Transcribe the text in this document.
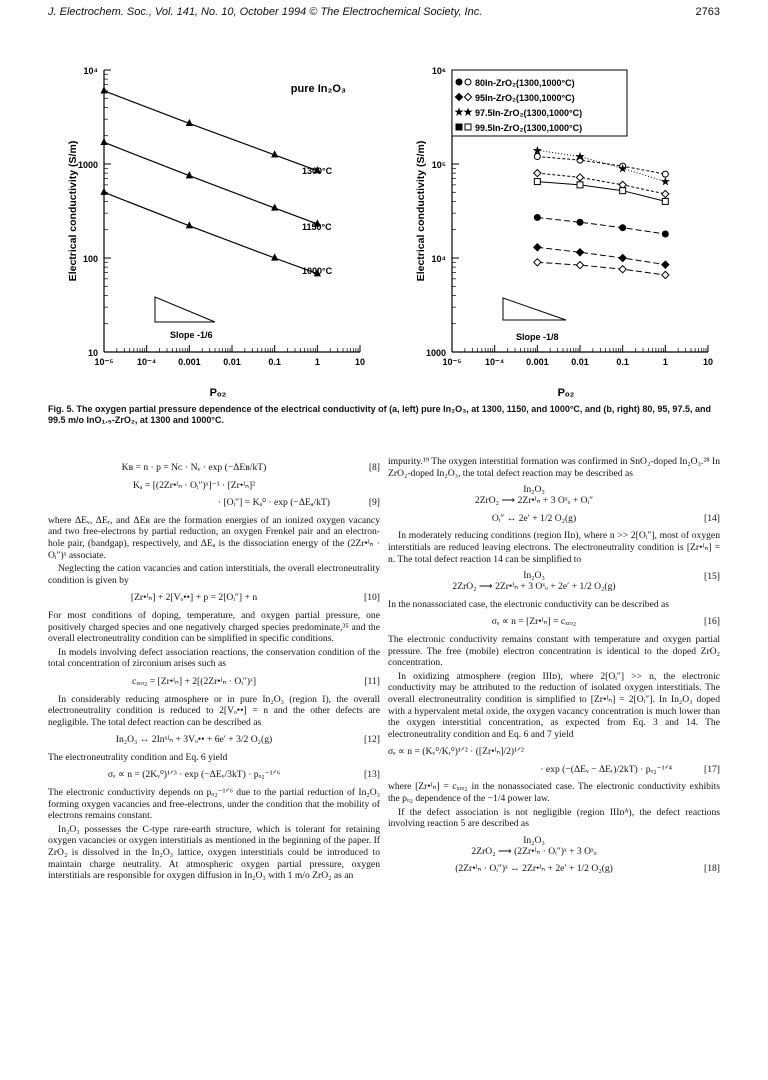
J. Electrochem. Soc., Vol. 141, No. 10, October 1994 © The Electrochemical Society, Inc.	2763
10
100
1000
10⁴
10⁻⁵	10⁻⁴ 0.001	0.01	0.1	1	10
Pₒ₂
Electrical conductivity (S/m)
pure In₂O₃
1300°C
1150°C
1000°C
Slope -1/6
1000
10⁴
10⁵
10⁶
10⁻⁵	10⁻⁴ 0.001	0.01	0.1	1	10
Pₒ₂
Electrical conductivity (S/m)
80In-ZrO₂(1300,1000°C)
95In-ZrO₂(1300,1000°C)
★
★ 97.5In-ZrO₂(1300,1000°C)
99.5In-ZrO₂(1300,1000°C)
★	★
★
★
Slope -1/8
Fig. 5. The oxygen partial pressure dependence of the electrical conductivity of (a, left) pure In₂O₃, at 1300, 1150, and 1000°C, and (b, right) 80, 95, 97.5, and 99.5 m/o InO₁.₅-ZrO₂, at 1300 and 1000°C.
Kʙ = n · p = Nᴄ · Nᵥ · exp (−ΔEʙ/kT)	[8]
Kₐ = [(2Zr•ᴵₙ · Oᵢ″)ˣ]⁻¹ · [Zr•ᴵₙ]²
· [Oᵢ″] = Kₐ⁰ · exp (−ΔEₐ/kT)	[9]

where ΔEᵥ, ΔEᵣ, and ΔEʙ are the formation energies of an ionized oxygen vacancy and two free-electrons by partial reduction, an oxygen Frenkel pair and an electron-hole pair, (bandgap), respectively, and ΔEₐ is the dissociation energy of the (2Zr•ᴵₙ · Oᵢ″)ˣ associate.

Neglecting the cation vacancies and cation interstitials, the overall electroneutrality condition is given by

[Zr•ᴵₙ] + 2[Vₒ••] + p = 2[Oᵢ″] + n	[10]

For most conditions of doping, temperature, and oxygen partial pressure, one positively charged species and one negatively charged species predominate,³⁵ and the overall electroneutrality condition can be simplified in specific conditions.

In models involving defect association reactions, the conservation condition of the total concentration of zirconium arises such as

cₓᵣₒ₂ = [Zr•ᴵₙ] + 2[(2Zr•ᴵₙ · Oᵢ″)ˣ]	[11]

In considerably reducing atmosphere or in pure In₂O₃ (region I), the overall electroneutrality condition is reduced to 2[Vₒ••] = n and the other defects are negligible. The total defect reaction can be described as

In₂O₃ ↔ 2Inˣᴵₙ + 3Vₒ•• + 6e′ + 3/2 O₂(g)	[12]

The electroneutrality condition and Eq. 6 yield

σₑ ∝ n = (2Kᵥ⁰)¹ᐟ³ · exp (−ΔEᵥ/3kT) · pₒ₂⁻¹ᐟ⁶	[13]

The electronic conductivity depends on pₒ₂⁻¹ᐟ⁶ due to the partial reduction of In₂O₃ forming oxygen vacancies and free-electrons, under the condition that the mobility of electrons remains constant.

In₂O₃ possesses the C-type rare-earth structure, which is tolerant for retaining oxygen vacancies or oxygen interstitials as mentioned in the beginning of the paper. If ZrO₂ is dissolved in the In₂O₃ lattice, oxygen interstitials could be introduced to maintain charge neutrality. At atmospheric oxygen partial pressure, oxygen interstitials are responsible for oxygen diffusion in In₂O₃ with 1 m/o ZrO₂ as an

impurity.¹⁹ The oxygen interstitial formation was confirmed in SnO₂-doped In₂O₃.²⁸ In ZrO₂-doped In₂O₃, the total defect reaction may be described as

In₂O₃
2ZrO₂ ⟶ 2Zr•ᴵₙ + 3 Oˣₒ + Oᵢ″
Oᵢ″ ↔ 2e′ + 1/2 O₂(g)	[14]

In moderately reducing conditions (region IIᴅ), where n >> 2[Oᵢ″], most of oxygen interstitials are reduced leaving electrons. The electroneutrality condition is [Zr•ᴵₙ] = n. The total defect reaction 14 can be simplified to

In₂O₃
2ZrO₂ ⟶ 2Zr•ᴵₙ + 3 Oˣₒ + 2e′ + 1/2 O₂(g)
[15]

In the nonassociated case, the electronic conductivity can be described as

σₑ ∝ n = [Zr•ᴵₙ] = cₓᵣₒ₂	[16]

The electronic conductivity remains constant with temperature and oxygen partial pressure. The free (mobile) electron concentration is identical to the doped ZrO₂ concentration.

In oxidizing atmosphere (region IIIᴅ), where 2[Oᵢ″] >> n, the electronic conductivity may be attributed to the reduction of isolated oxygen interstitials. The overall electroneutrality condition is simplified to [Zr•ᴵₙ] = 2[Oᵢ″]. In In₂O₃ doped with a hypervalent metal oxide, the oxygen vacancy concentration is much lower than the oxygen interstitial concentration, as expected from Eq. 3 and 14. The electroneutrality condition and Eq. 6 and 7 yield

σₑ ∝ n = (Kᵥ⁰/Kᵣ⁰)¹ᐟ² · ([Zr•ᴵₙ]/2)¹ᐟ²
· exp (−(ΔEᵥ − ΔEᵣ)/2kT) · pₒ₂⁻¹ᐟ⁴	[17]

where [Zr•ᴵₙ] = cₓᵣₒ₂ in the nonassociated case. The electronic conductivity exhibits the pₒ₂ dependence of the −1/4 power law.

If the defect association is not negligible (region IIIᴅᴬ), the defect reactions involving reaction 5 are described as

In₂O₃
2ZrO₂ ⟶ (2Zr•ᴵₙ · Oᵢ″)ˣ + 3 Oˣₒ
(2Zr•ᴵₙ · Oᵢ″)ˣ ↔ 2Zr•ᴵₙ + 2e′ + 1/2 O₂(g)	[18]
